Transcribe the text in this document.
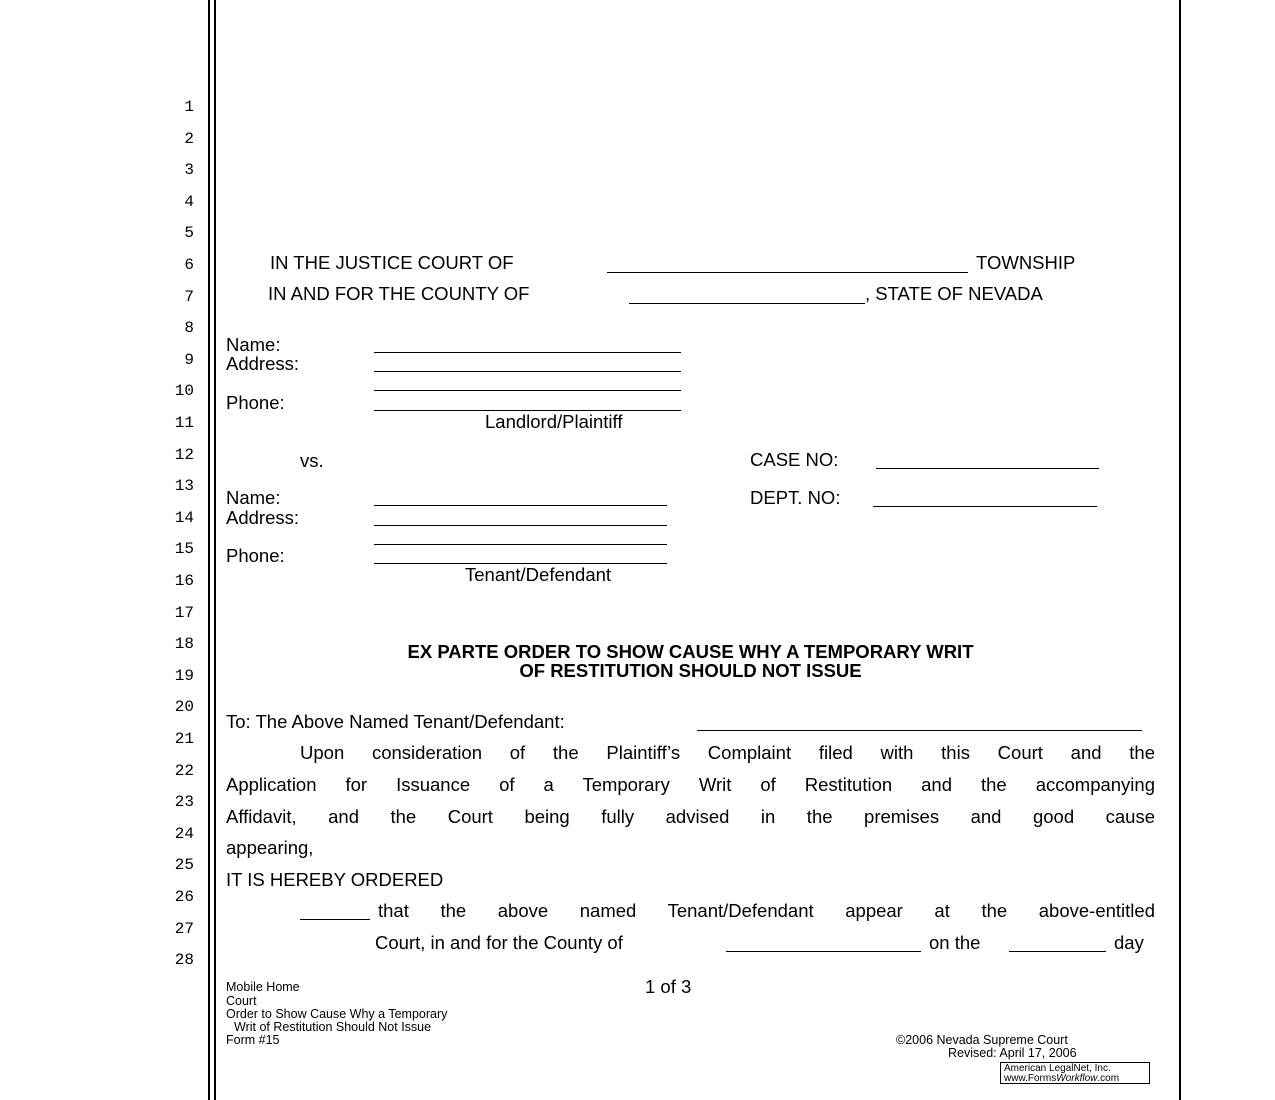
1
2
3
4
5
6
7
8
9
10
11
12
13
14
15
16
17
18
19
20
21
22
23
24
25
26
27
28
IN THE JUSTICE COURT OF	TOWNSHIP
IN AND FOR THE COUNTY OF	, STATE OF NEVADA
Name:
Address:
Phone:
Landlord/Plaintiff
vs.	CASE NO:
DEPT. NO:
Name:
Address:
Phone:
Tenant/Defendant
EX PARTE ORDER TO SHOW CAUSE WHY A TEMPORARY WRIT
OF RESTITUTION SHOULD NOT ISSUE
To: The Above Named Tenant/Defendant:
Upon consideration of the Plaintiff’s Complaint filed with this Court and the
Application for Issuance of a Temporary Writ of Restitution and the accompanying
Affidavit, and the Court being fully advised in the premises and good cause
appearing,
IT IS HEREBY ORDERED
that the above named Tenant/Defendant appear at the above-entitled
Court, in and for the County of	on the	day
Mobile Home
Court
Order to Show Cause Why a Temporary
Writ of Restitution Should Not Issue
Form #15
1 of 3
©2006 Nevada Supreme Court
Revised: April 17, 2006
American LegalNet, Inc.
www.FormsWorkflow.com
